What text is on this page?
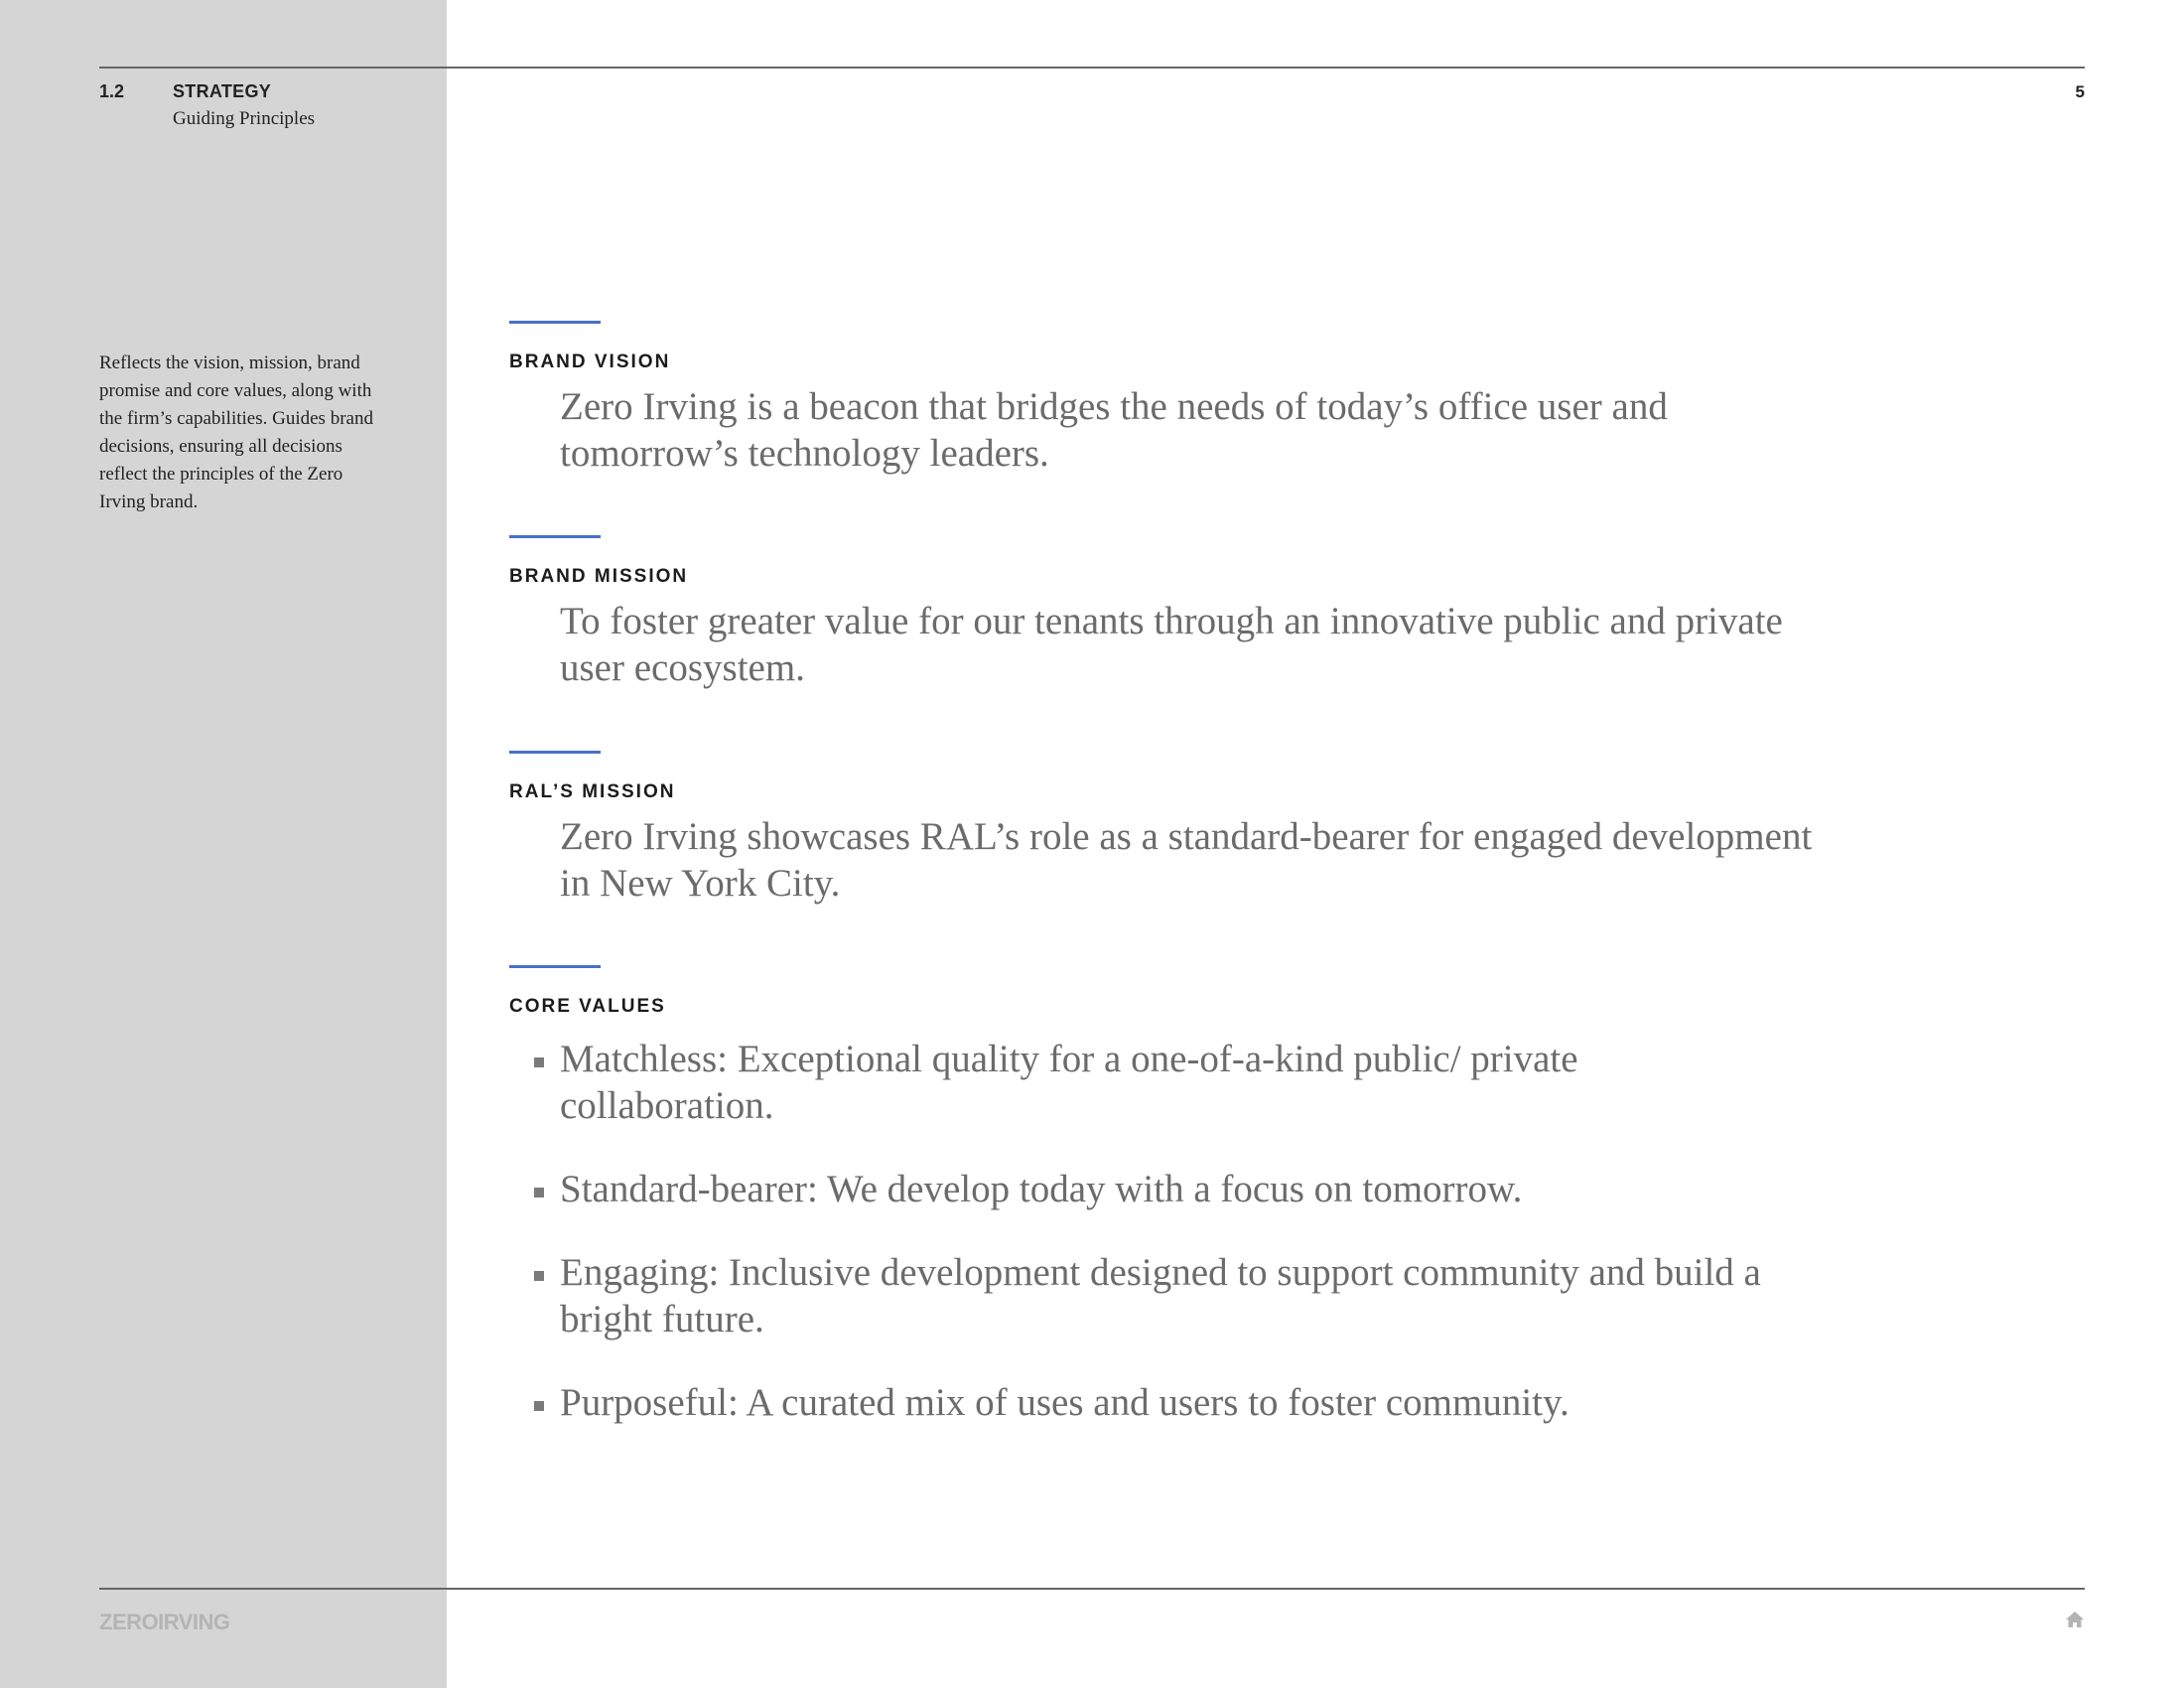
1.2	STRATEGY
Guiding Principles
5
Reflects the vision, mission, brand promise and core values, along with the firm’s capabilities. Guides brand decisions, ensuring all decisions reflect the principles of the Zero Irving brand.
BRAND VISION
Zero Irving is a beacon that bridges the needs of today’s office user and tomorrow’s technology leaders.
BRAND MISSION
To foster greater value for our tenants through an innovative public and private user ecosystem.
RAL’S MISSION
Zero Irving showcases RAL’s role as a standard-bearer for engaged development in New York City.
CORE VALUES
Matchless: Exceptional quality for a one-of-a-kind public/ private collaboration.
Standard-bearer: We develop today with a focus on tomorrow.
Engaging: Inclusive development designed to support community and build a bright future.
Purposeful: A curated mix of uses and users to foster community.
ZEROIRVING
